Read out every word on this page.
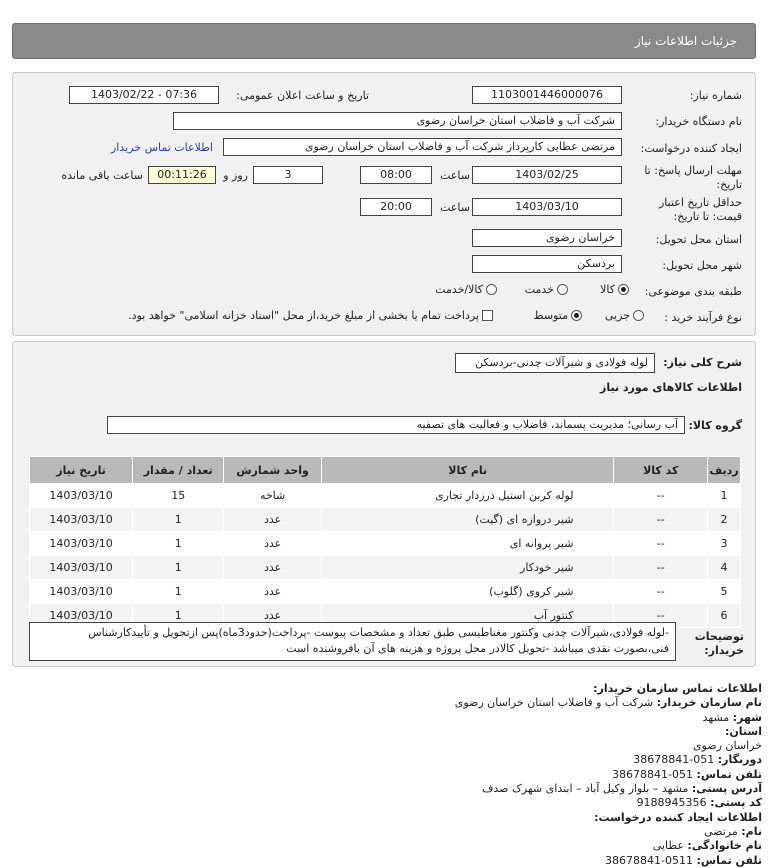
جزئیات اطلاعات نیاز
شماره نیاز:
1103001446000076
تاریخ و ساعت اعلان عمومی:
1403/02/22 - 07:36
نام دستگاه خریدار:
شرکت آب و فاضلاب استان خراسان رضوی
ایجاد کننده درخواست:
مرتضی عطایی کارپرداز شرکت آب و فاضلاب استان خراسان رضوی
اطلاعات تماس خریدار
مهلت ارسال پاسخ: تا تاریخ:
1403/02/25
ساعت
08:00
3
روز و
00:11:26
ساعت باقی مانده
حداقل تاریخ اعتبار قیمت: تا تاریخ:
1403/03/10
ساعت
20:00
استان محل تحویل:
خراسان رضوی
شهر محل تحویل:
بردسکن
طبقه بندی موضوعی:
کالا
خدمت
کالا/خدمت
نوع فرآیند خرید :
جزیی
متوسط
پرداخت تمام یا بخشی از مبلغ خرید،از محل "اسناد خزانه اسلامی" خواهد بود.
شرح کلی نیاز:
لوله فولادی و شیرآلات چدنی-بردسکن
اطلاعات کالاهای مورد نیاز
گروه کالا:
آب رسانی؛ مدیریت پسماند، فاضلاب و فعالیت های تصفیه
تاریخ نیاز	تعداد / مقدار	واحد شمارش	نام کالا	کد کالا	ردیف
1403/03/10	15	شاخه	لوله کربن استیل درزدار تجاری	--	1
1403/03/10	1	عدد	شیر دروازه ای (گیت)	--	2
1403/03/10	1	عدد	شیر پروانه ای	--	3
1403/03/10	1	عدد	شیر خودکار	--	4
1403/03/10	1	عدد	شیر کروی (گلوب)	--	5
1403/03/10	1	عدد	کنتور آب	--	6
توضیحات خریدار:
-لوله فولادی،شیرآلات چدنی وکنتور مغناطیسی طبق تعداد و مشخصات پیوست -پرداخت(حدود3ماه)پس ازتحویل و تأییدکارشناس
فنی،بصورت نقدی میباشد -تحویل کالادر محل پروژه و هزینه های آن بافروشنده است
اطلاعات تماس سازمان خریدار:
نام سازمان خریدار: شرکت آب و فاضلاب استان خراسان رضوی
شهر: مشهد
استان:
خراسان رضوی
دورنگار: 051-38678841
تلفن تماس: 051-38678841
آدرس پستی: مشهد – بلوار وکیل آباد – ابتدای شهرک صدف
کد پستی: 9188945356
اطلاعات ایجاد کننده درخواست:
نام: مرتضی
نام خانوادگی: عطایی
تلفن تماس: 0511-38678841
